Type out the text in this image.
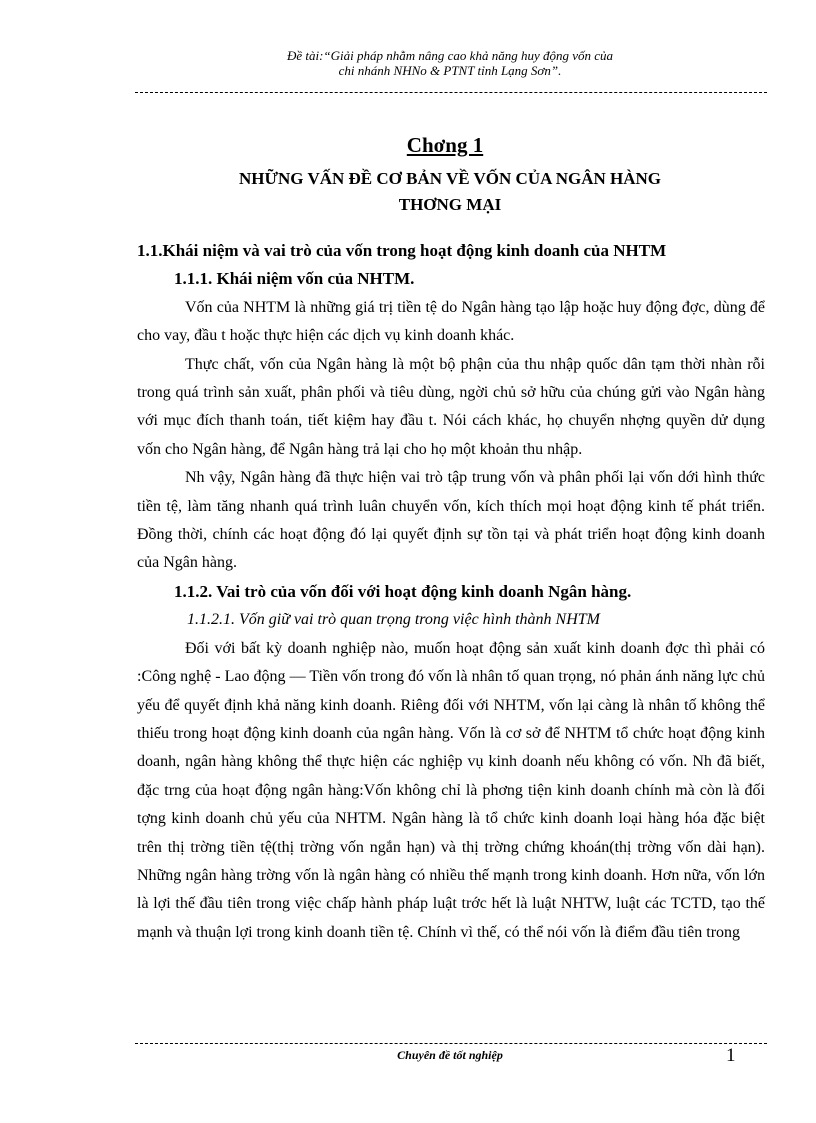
Đề tài:“Giải pháp nhằm nâng cao khả năng huy động vốn của
chi nhánh NHNo & PTNT tỉnh Lạng Sơn”.
Chơng 1
NHỮNG VẤN ĐỀ CƠ BẢN VỀ VỐN CỦA NGÂN HÀNG
THƠNG MẠI
1.1.Khái niệm và vai trò của vốn trong hoạt động kinh doanh của NHTM
1.1.1. Khái niệm vốn của NHTM.

Vốn của NHTM là những giá trị tiền tệ do Ngân hàng tạo lập hoặc huy động đợc, dùng để cho vay, đầu t hoặc thực hiện các dịch vụ kinh doanh khác.

Thực chất, vốn của Ngân hàng là một bộ phận của thu nhập quốc dân tạm thời nhàn rỗi trong quá trình sản xuất, phân phối và tiêu dùng, ngời chủ sở hữu của chúng gửi vào Ngân hàng với mục đích thanh toán, tiết kiệm hay đầu t. Nói cách khác, họ chuyển nhợng quyền dử dụng vốn cho Ngân hàng, để Ngân hàng trả lại cho họ một khoản thu nhập.

Nh vậy, Ngân hàng đã thực hiện vai trò tập trung vốn và phân phối lại vốn dới hình thức tiền tệ, làm tăng nhanh quá trình luân chuyển vốn, kích thích mọi hoạt động kinh tế phát triển. Đồng thời, chính các hoạt động đó lại quyết định sự tồn tại và phát triển hoạt động kinh doanh của Ngân hàng.

1.1.2. Vai trò của vốn đối với hoạt động kinh doanh Ngân hàng.
1.1.2.1. Vốn giữ vai trò quan trọng trong việc hình thành NHTM

Đối với bất kỳ doanh nghiệp nào, muốn hoạt động sản xuất kinh doanh đợc thì phải có :Công nghệ - Lao động — Tiền vốn trong đó vốn là nhân tố quan trọng, nó phản ánh năng lực chủ yếu để quyết định khả năng kinh doanh. Riêng đối với NHTM, vốn lại càng là nhân tố không thể thiếu trong hoạt động kinh doanh của ngân hàng. Vốn là cơ sở để NHTM tổ chức hoạt động kinh doanh, ngân hàng không thể thực hiện các nghiệp vụ kinh doanh nếu không có vốn. Nh đã biết, đặc trng của hoạt động ngân hàng:Vốn không chỉ là phơng tiện kinh doanh chính mà còn là đối tợng kinh doanh chủ yếu của NHTM. Ngân hàng là tổ chức kinh doanh loại hàng hóa đặc biệt trên thị trờng tiền tệ(thị trờng vốn ngắn hạn) và thị trờng chứng khoán(thị trờng vốn dài hạn). Những ngân hàng trờng vốn là ngân hàng có nhiều thế mạnh trong kinh doanh. Hơn nữa, vốn lớn là lợi thế đầu tiên trong việc chấp hành pháp luật trớc hết là luật NHTW, luật các TCTD, tạo thế mạnh và thuận lợi trong kinh doanh tiền tệ. Chính vì thế, có thể nói vốn là điểm đầu tiên trong

Chuyên đề tốt nghiệp	1
